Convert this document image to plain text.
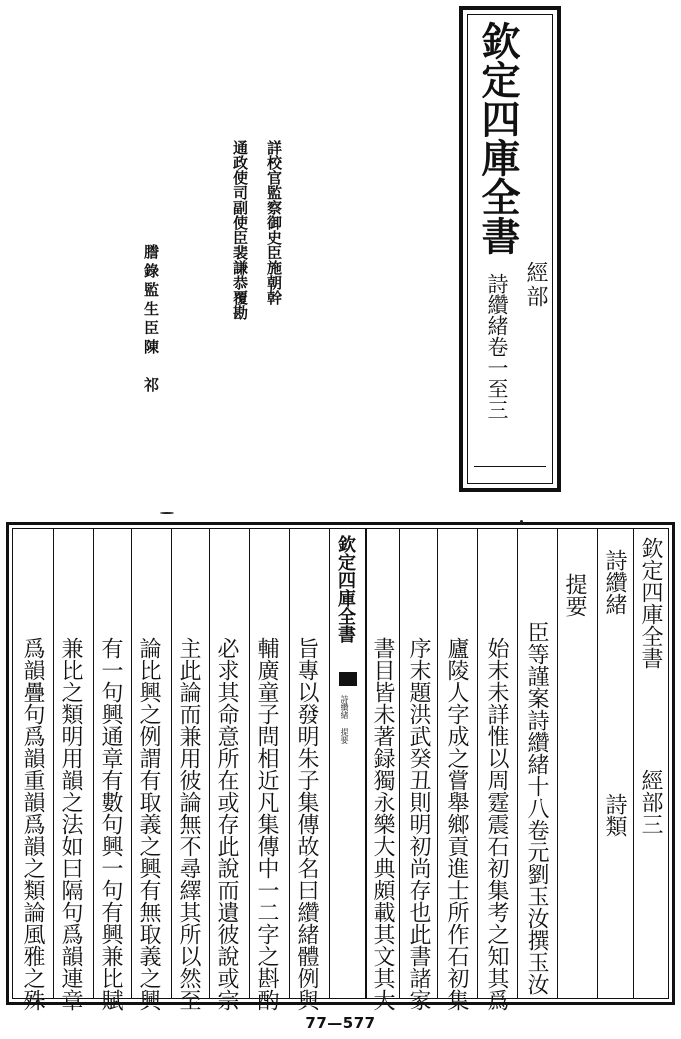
欽定四庫全書
經部
詩纘緒卷一至三
詳校官監察御史臣施朝幹
通政使司副使臣裴謙恭覆勘
謄錄監生臣陳　祁
欽定四庫全書
經部三
詩纘緒
詩類
提要
臣等謹案詩纘緒十八卷元劉玉汝撰玉汝
始末未詳惟以周霆震石初集考之知其爲
廬陵人字成之嘗舉鄉貢進士所作石初集
序末題洪武癸丑則明初尚存也此書諸家
書目皆未著録獨永樂大典頗載其文其大
欽定四庫全書
詩纘緒 提要
旨專以發明朱子集傳故名曰纘緒體例與
輔廣童子問相近凡集傳中一二字之斟酌
必求其命意所在或存此說而遺彼說或宗
主此論而兼用彼論無不尋繹其所以然至
論比興之例謂有取義之興有無取義之興
有一句興通章有數句興一句有興兼比賦
兼比之類明用韻之法如曰隔句爲韻連章
爲韻疊句爲韻重韻爲韻之類論風雅之殊
77—577
